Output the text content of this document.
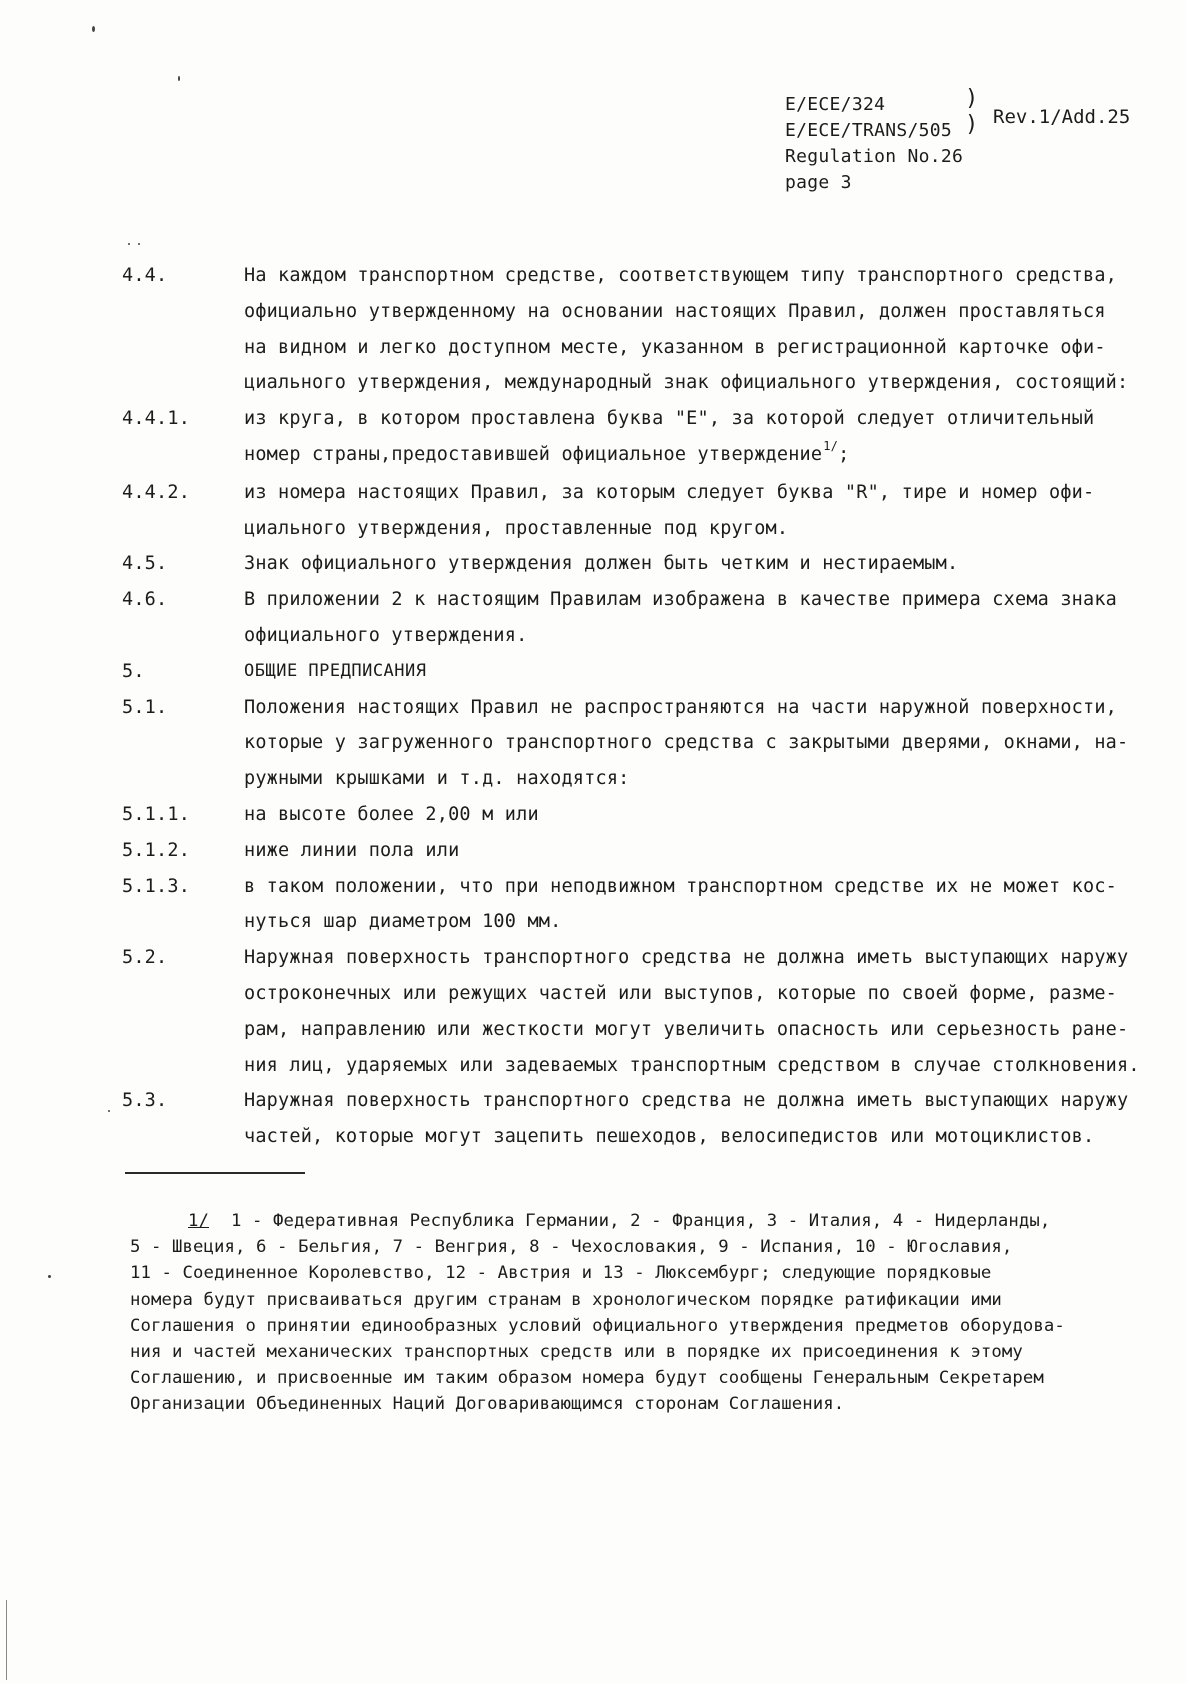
E/ECE/324
E/ECE/TRANS/505
Regulation No.26
page 3
)
) Rev.1/Add.25
4.4.	На каждом транспортном средстве, соответствующем типу транспортного средства,
официально утвержденному на основании настоящих Правил, должен проставляться
на видном и легко доступном месте, указанном в регистрационной карточке офи-
циального утверждения, международный знак официального утверждения, состоящий:
4.4.1.	из круга, в котором проставлена буква "E", за которой следует отличительный
номер страны,предоставившей официальное утверждение$^{1/}$;
4.4.2.	из номера настоящих Правил, за которым следует буква "R", тире и номер офи-
циального утверждения, проставленные под кругом.
4.5.	Знак официального утверждения должен быть четким и нестираемым.
4.6.	В приложении 2 к настоящим Правилам изображена в качестве примера схема знака
официального утверждения.
5.	ОБЩИЕ ПРЕДПИСАНИЯ
5.1.	Положения настоящих Правил не распространяются на части наружной поверхности,
которые у загруженного транспортного средства с закрытыми дверями, окнами, на-
ружными крышками и т.д. находятся:
5.1.1.	на высоте более 2,00 м или
5.1.2.	ниже линии пола или
5.1.3.	в таком положении, что при неподвижном транспортном средстве их не может кос-
нуться шар диаметром 100 мм.
5.2.	Наружная поверхность транспортного средства не должна иметь выступающих наружу
остроконечных или режущих частей или выступов, которые по своей форме, разме-
рам, направлению или жесткости могут увеличить опасность или серьезность ране-
ния лиц, ударяемых или задеваемых транспортным средством в случае столкновения.
5.3.	Наружная поверхность транспортного средства не должна иметь выступающих наружу
частей, которые могут зацепить пешеходов, велосипедистов или мотоциклистов.
1/ 1 - Федеративная Республика Германии, 2 - Франция, 3 - Италия, 4 - Нидерланды,
5 - Швеция, 6 - Бельгия, 7 - Венгрия, 8 - Чехословакия, 9 - Испания, 10 - Югославия,
11 - Соединенное Королевство, 12 - Австрия и 13 - Люксембург; следующие порядковые
номера будут присваиваться другим странам в хронологическом порядке ратификации ими
Соглашения о принятии единообразных условий официального утверждения предметов оборудова-
ния и частей механических транспортных средств или в порядке их присоединения к этому
Соглашению, и присвоенные им таким образом номера будут сообщены Генеральным Секретарем
Организации Объединенных Наций Договаривающимся сторонам Соглашения.
